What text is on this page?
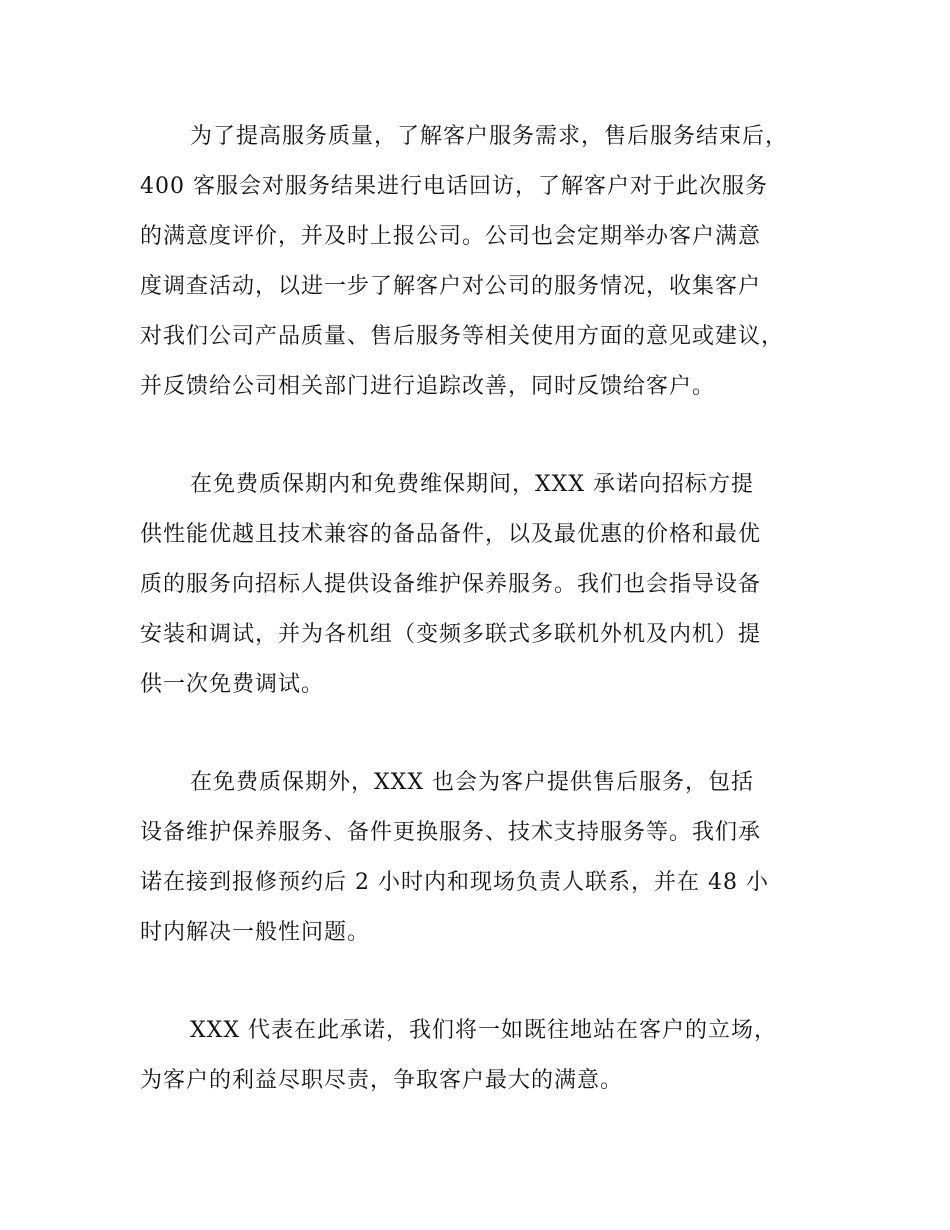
为了提高服务质量，了解客户服务需求，售后服务结束后，
400 客服会对服务结果进行电话回访，了解客户对于此次服务
的满意度评价，并及时上报公司。公司也会定期举办客户满意
度调查活动，以进一步了解客户对公司的服务情况，收集客户
对我们公司产品质量、售后服务等相关使用方面的意见或建议，
并反馈给公司相关部门进行追踪改善，同时反馈给客户。
在免费质保期内和免费维保期间，XXX 承诺向招标方提
供性能优越且技术兼容的备品备件，以及最优惠的价格和最优
质的服务向招标人提供设备维护保养服务。我们也会指导设备
安装和调试，并为各机组（变频多联式多联机外机及内机）提
供一次免费调试。
在免费质保期外，XXX 也会为客户提供售后服务，包括
设备维护保养服务、备件更换服务、技术支持服务等。我们承
诺在接到报修预约后 2 小时内和现场负责人联系，并在 48 小
时内解决一般性问题。
XXX 代表在此承诺，我们将一如既往地站在客户的立场，
为客户的利益尽职尽责，争取客户最大的满意。
